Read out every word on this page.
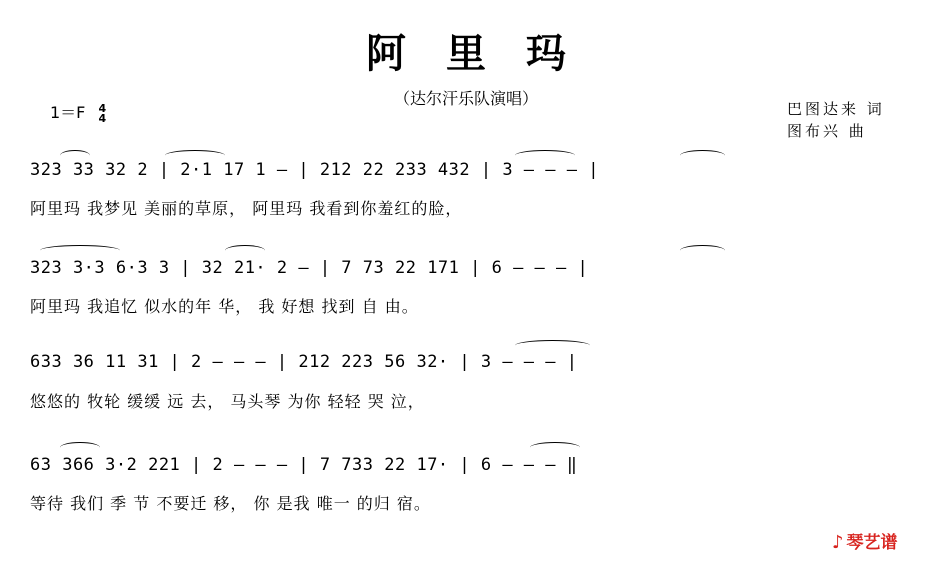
阿里玛
（达尔汗乐队演唱）
1＝F 4
4	巴图达来 词
图布兴 曲
323 33 32 2 | 2·1 17 1 – | 212 22 233 432 | 3 – – – |
阿里玛 我梦见 美丽的草原， 阿里玛 我看到你羞红的脸，
323 3·3 6·3 3 | 32 21· 2 – | 7 73 22 171 | 6 – – – |
阿里玛 我追忆 似水的年 华， 我 好想 找到 自 由。
633 36 11 31 | 2 – – – | 212 223 56 32· | 3 – – – |
悠悠的 牧轮 缓缓 远 去， 马头琴 为你 轻轻 哭 泣，
63 366 3·2 221 | 2 – – – | 7 733 22 17· | 6 – – – ‖
等待 我们 季 节 不要迁 移， 你 是我 唯一 的归 宿。
♪ 琴艺谱
